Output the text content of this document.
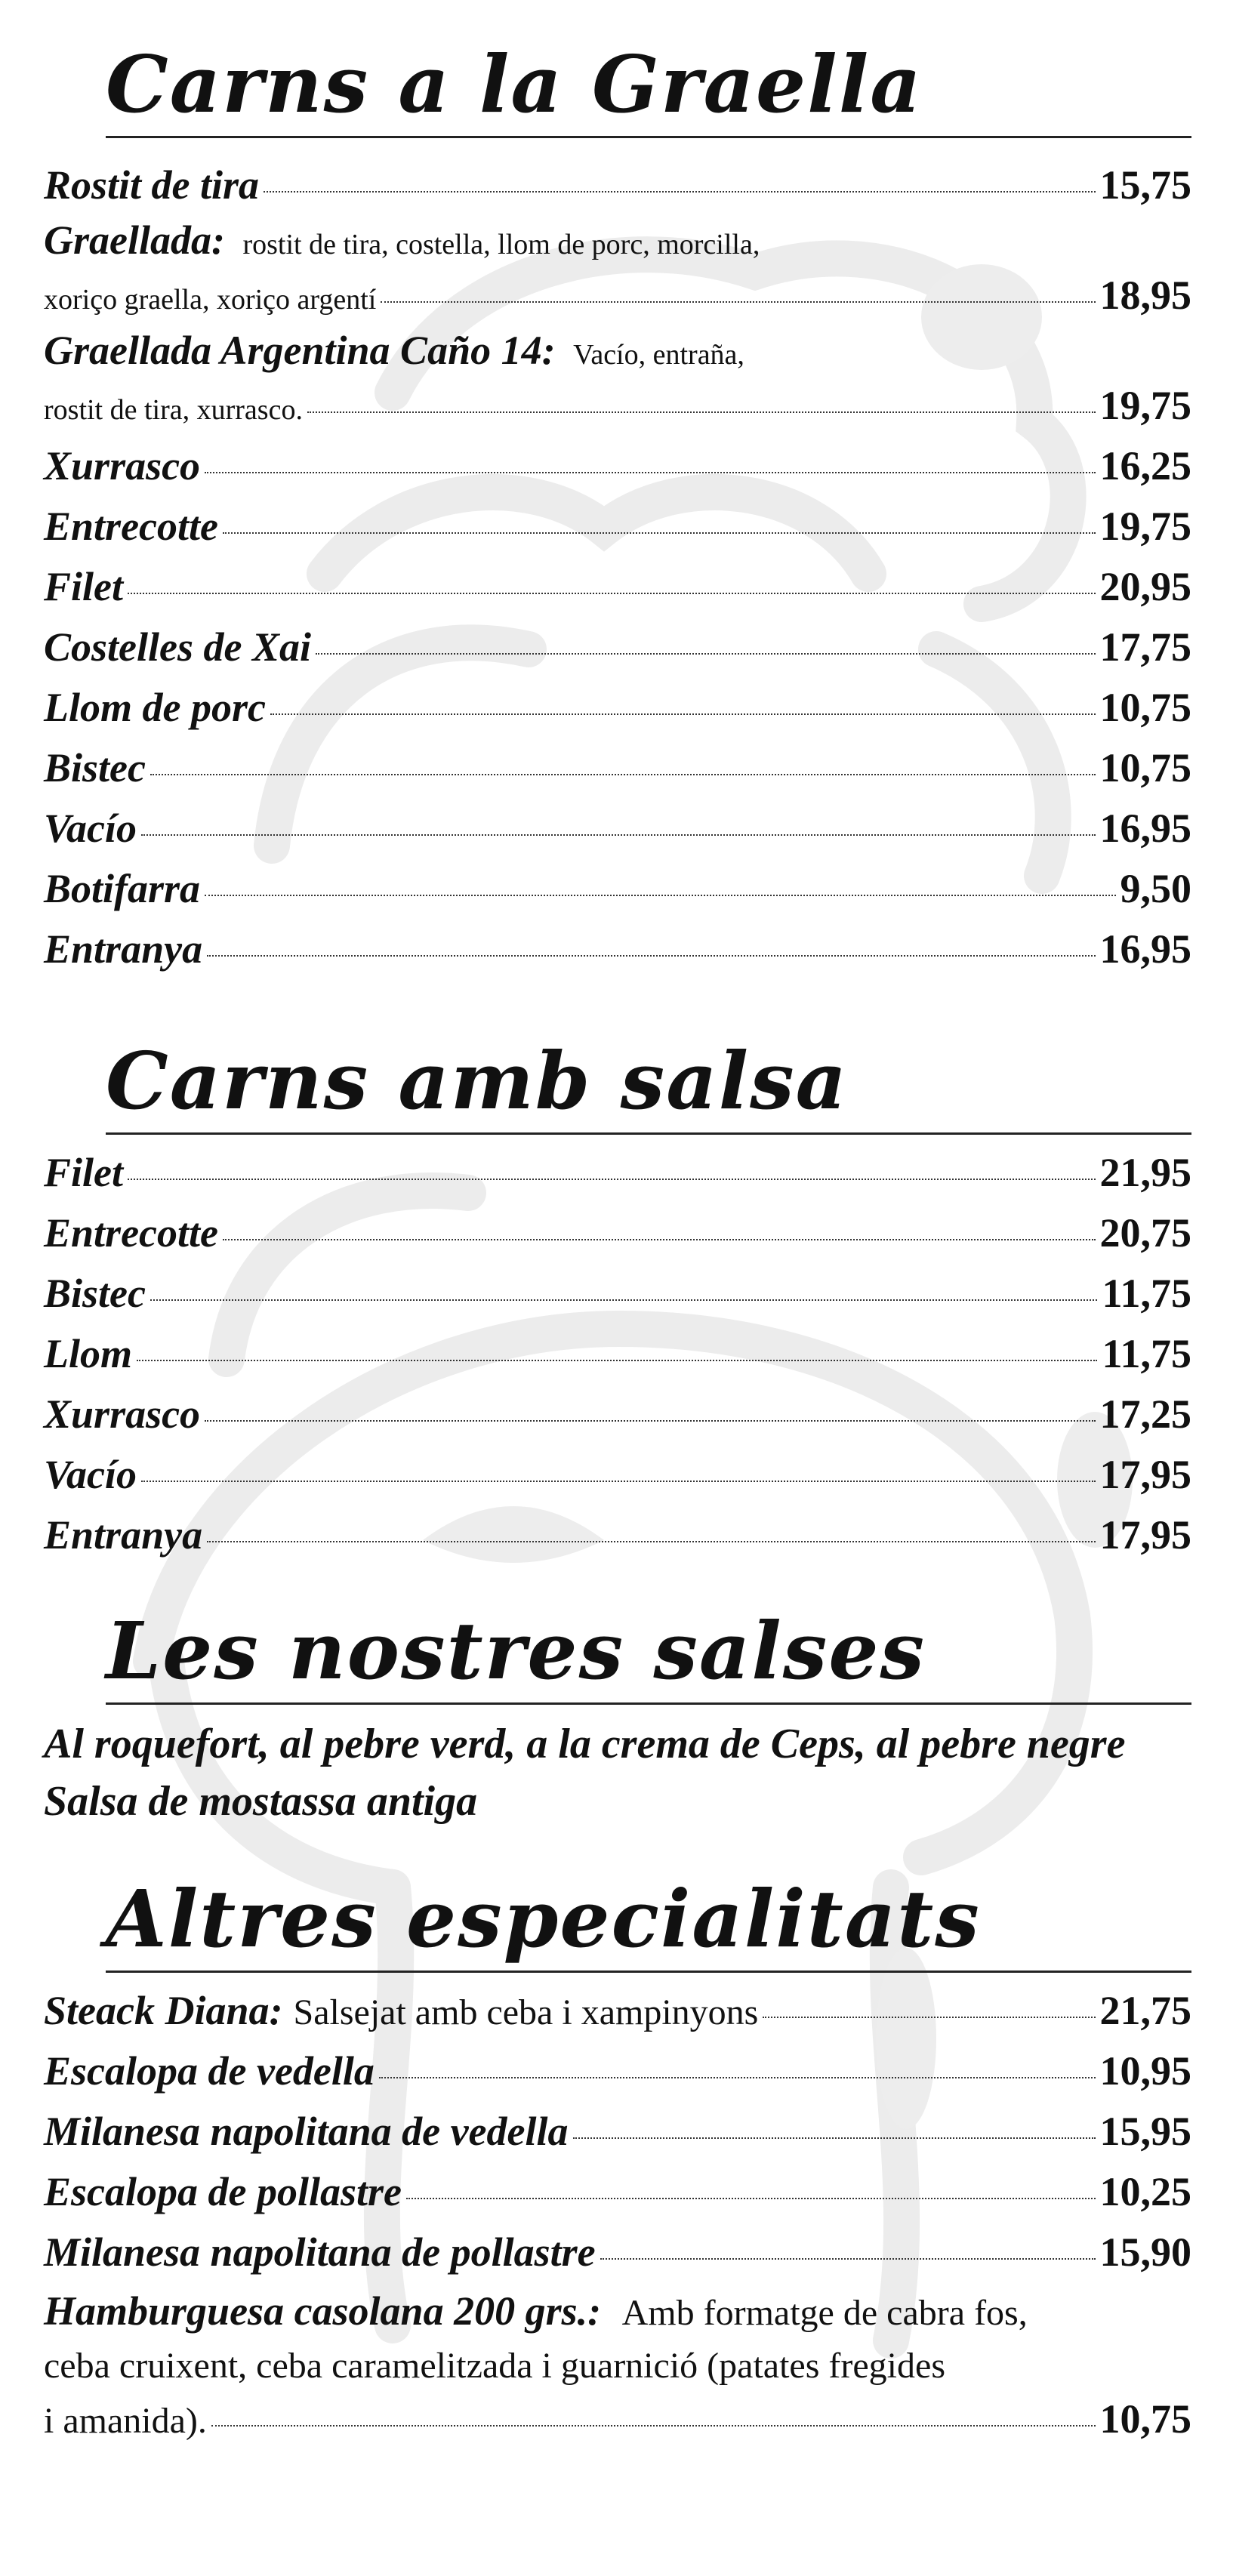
Carns a la Graella
Rostit de tira	15,75
Graellada: rostit de tira, costella, llom de porc, morcilla,
xoriço graella, xoriço argentí	18,95
Graellada Argentina Caño 14: Vacío, entraña,
rostit de tira, xurrasco.	19,75
Xurrasco	16,25
Entrecotte	19,75
Filet	20,95
Costelles de Xai	17,75
Llom de porc	10,75
Bistec	10,75
Vacío	16,95
Botifarra	9,50
Entranya	16,95
Carns amb salsa
Filet	21,95
Entrecotte	20,75
Bistec	11,75
Llom	11,75
Xurrasco	17,25
Vacío	17,95
Entranya	17,95
Les nostres salses
Al roquefort, al pebre verd, a la crema de Ceps, al pebre negre
Salsa de mostassa antiga
Altres especialitats
Steack Diana: Salsejat amb ceba i xampinyons	21,75
Escalopa de vedella	10,95
Milanesa napolitana de vedella	15,95
Escalopa de pollastre	10,25
Milanesa napolitana de pollastre	15,90
Hamburguesa casolana 200 grs.: Amb formatge de cabra fos,
ceba cruixent, ceba caramelitzada i guarnició (patates fregides
i amanida).	10,75
